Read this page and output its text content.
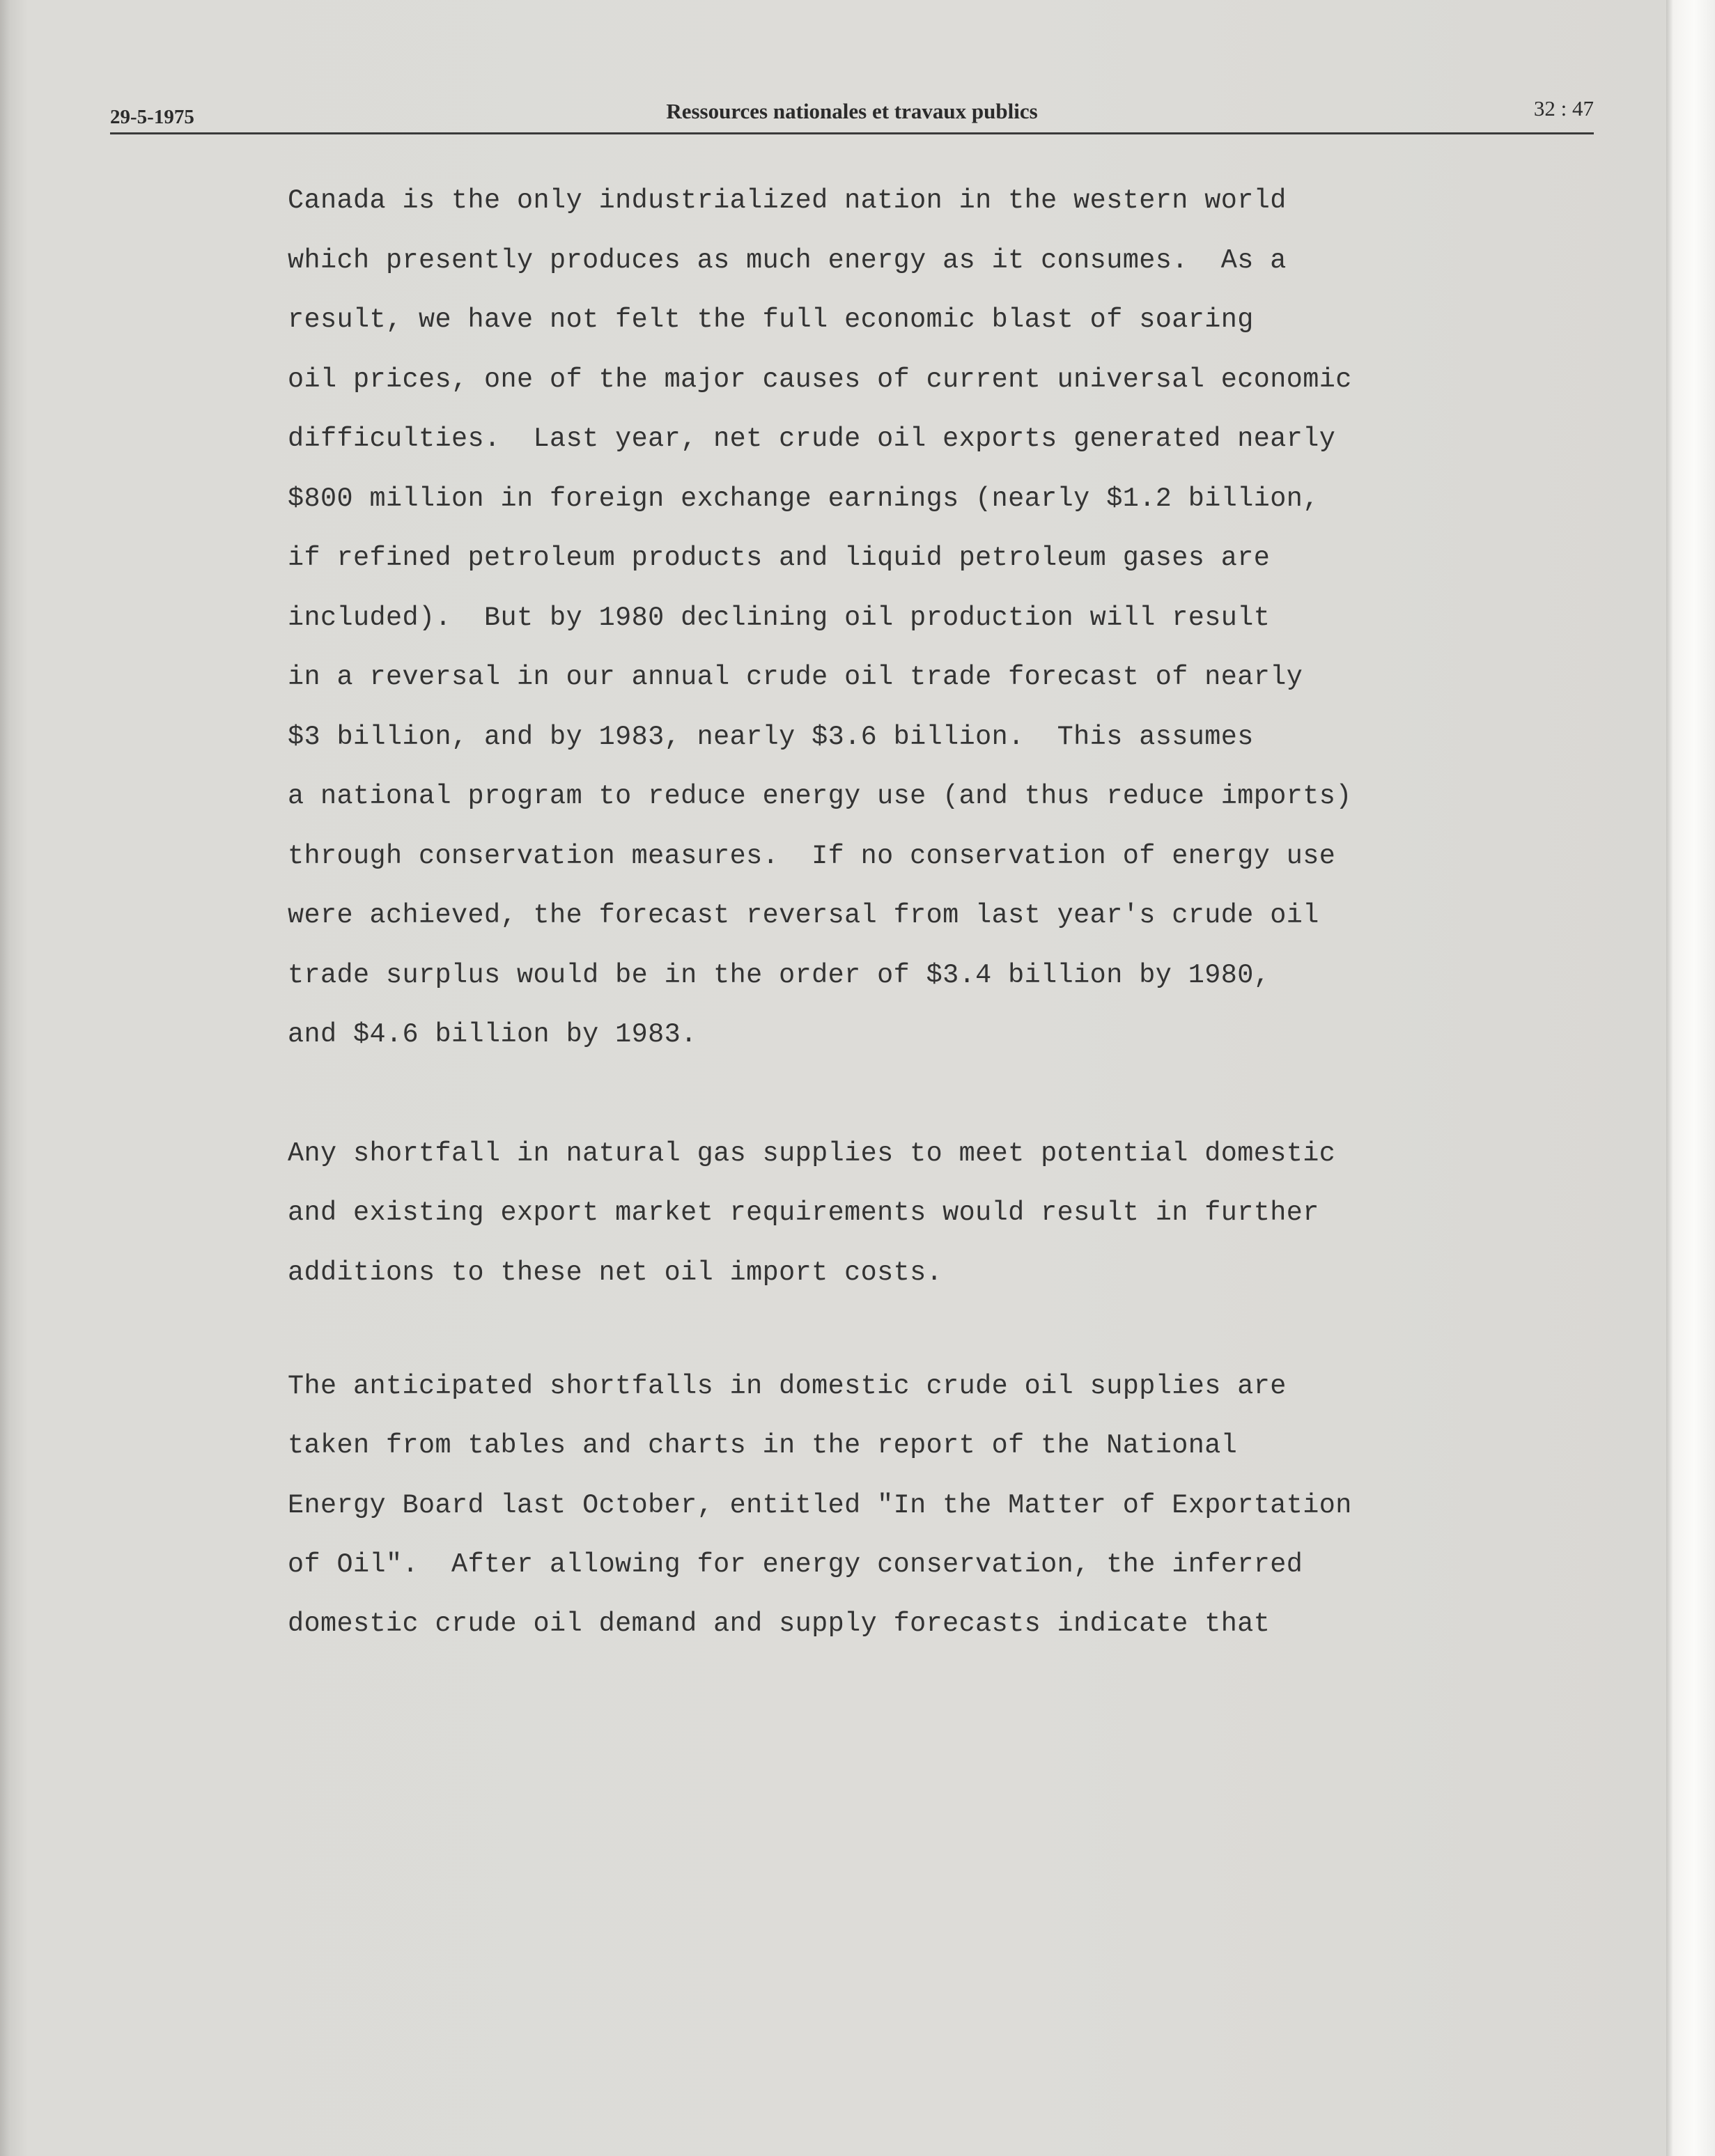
29-5-1975	Ressources nationales et travaux publics	32 : 47
Canada is the only industrialized nation in the western world
which presently produces as much energy as it consumes.  As a
result, we have not felt the full economic blast of soaring
oil prices, one of the major causes of current universal economic
difficulties.  Last year, net crude oil exports generated nearly
$800 million in foreign exchange earnings (nearly $1.2 billion,
if refined petroleum products and liquid petroleum gases are
included).  But by 1980 declining oil production will result
in a reversal in our annual crude oil trade forecast of nearly
$3 billion, and by 1983, nearly $3.6 billion.  This assumes
a national program to reduce energy use (and thus reduce imports)
through conservation measures.  If no conservation of energy use
were achieved, the forecast reversal from last year's crude oil
trade surplus would be in the order of $3.4 billion by 1980,
and $4.6 billion by 1983.
Any shortfall in natural gas supplies to meet potential domestic
and existing export market requirements would result in further
additions to these net oil import costs.
The anticipated shortfalls in domestic crude oil supplies are
taken from tables and charts in the report of the National
Energy Board last October, entitled "In the Matter of Exportation
of Oil".  After allowing for energy conservation, the inferred
domestic crude oil demand and supply forecasts indicate that
